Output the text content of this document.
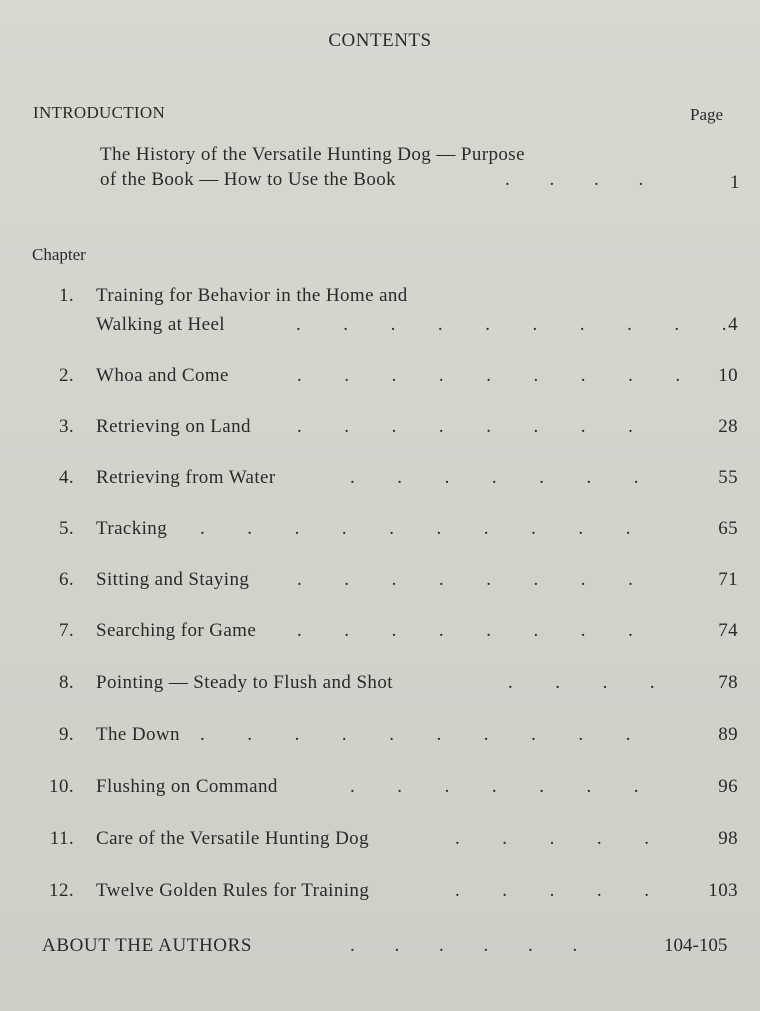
CONTENTS
INTRODUCTION	Page
The History of the Versatile Hunting Dog — Purpose
of the Book — How to Use the Book	. . . .	1
Chapter
1. Training for Behavior in the Home and
Walking at Heel	. . . . . . . . . . 4
2. Whoa and Come	. . . . . . . . . 10
3. Retrieving on Land . . . . . . . .	28
4. Retrieving from Water	. . . . . . .	55
5. Tracking . . . . . . . . . .	65
6. Sitting and Staying	. . . . . . . .	71
7. Searching for Game . . . . . . . .	74
8. Pointing — Steady to Flush and Shot	. . . .	78
9. The Down . . . . . . . . . .	89
10. Flushing on Command	. . . . . . .	96
11. Care of the Versatile Hunting Dog	. . . . .	98
12. Twelve Golden Rules for Training	. . . . .	103
ABOUT THE AUTHORS	. . . . . .	104-105
